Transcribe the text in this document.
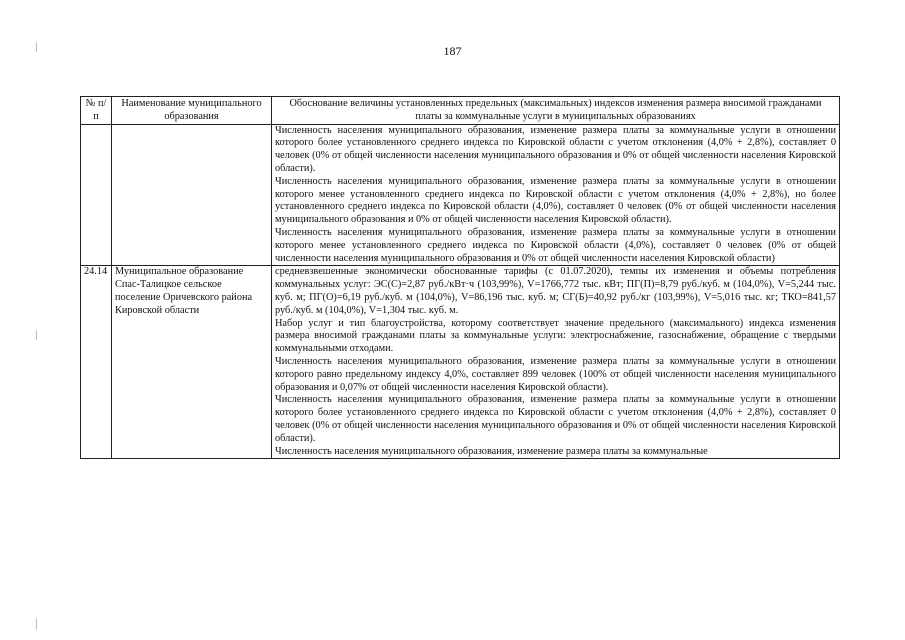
187
№ п/п	Наименование муниципального образования	Обоснование величины установленных предельных (максимальных) индексов изменения размера вносимой гражданами платы за коммунальные услуги в муниципальных образованиях

		Численность населения муниципального образования, изменение размера платы за коммунальные услуги в отношении которого более установленного среднего индекса по Кировской области с учетом отклонения (4,0% + 2,8%), составляет 0 человек (0% от общей численности населения муниципального образования и 0% от общей численности населения Кировской области).
Численность населения муниципального образования, изменение размера платы за коммунальные услуги в отношении которого менее установленного среднего индекса по Кировской области с учетом отклонения (4,0% + 2,8%), но более установленного среднего индекса по Кировской области (4,0%), составляет 0 человек (0% от общей численности населения муниципального образования и 0% от общей численности населения Кировской области).
Численность населения муниципального образования, изменение размера платы за коммунальные услуги в отношении которого менее установленного среднего индекса по Кировской области (4,0%), составляет 0 человек (0% от общей численности населения муниципального образования и 0% от общей численности населения Кировской области)

24.14	Муниципальное образование Спас-Талицкое сельское поселение Оричевского района Кировской области	средневзвешенные экономически обоснованные тарифы (с 01.07.2020), темпы их изменения и объемы потребления коммунальных услуг: ЭС(С)=2,87 руб./кВт·ч (103,99%), V=1766,772 тыс. кВт; ПГ(П)=8,79 руб./куб. м (104,0%), V=5,244 тыс. куб. м; ПГ(О)=6,19 руб./куб. м (104,0%), V=86,196 тыс. куб. м; СГ(Б)=40,92 руб./кг (103,99%), V=5,016 тыс. кг; ТКО=841,57 руб./куб. м (104,0%), V=1,304 тыс. куб. м.
Набор услуг и тип благоустройства, которому соответствует значение предельного (максимального) индекса изменения размера вносимой гражданами платы за коммунальные услуги: электроснабжение, газоснабжение, обращение с твердыми коммунальными отходами.
Численность населения муниципального образования, изменение размера платы за коммунальные услуги в отношении которого равно предельному индексу 4,0%, составляет 899 человек (100% от общей численности населения муниципального образования и 0,07% от общей численности населения Кировской области).
Численность населения муниципального образования, изменение размера платы за коммунальные услуги в отношении которого более установленного среднего индекса по Кировской области с учетом отклонения (4,0% + 2,8%), составляет 0 человек (0% от общей численности населения муниципального образования и 0% от общей численности населения Кировской области).
Численность населения муниципального образования, изменение размера платы за коммунальные
